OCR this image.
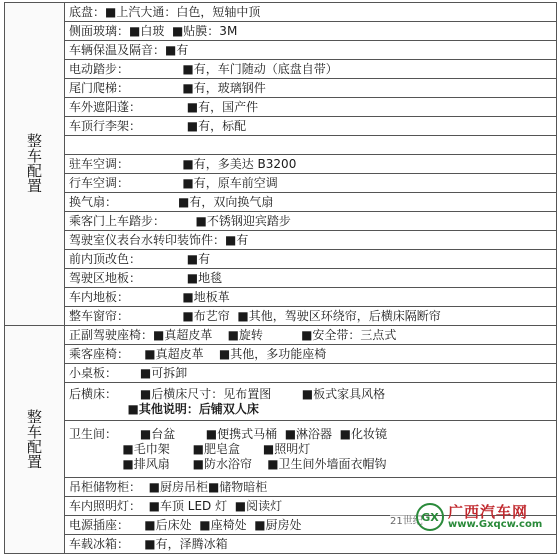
整
车
配
置	底盘：■上汽大通：白色，短轴中顶

	侧面玻璃：■白玻  ■贴膜：3M

	车辆保温及隔音：■有

	电动踏步：              ■有，车门随动（底盘自带）

	尾门爬梯：              ■有，玻璃钢件

	车外遮阳蓬：            ■有，国产件

	车顶行李架：            ■有，标配

	驻车空调：              ■有，多美达 B3200

	行车空调：              ■有，原车前空调

	换气扇：                ■有，双向换气扇

	乘客门上车踏步：        ■不锈钢迎宾踏步

	驾驶室仪表台水转印装饰件：■有

	前内顶改色：            ■有

	驾驶区地板：            ■地毯

	车内地板：              ■地板革

	整车窗帘：              ■布艺帘  ■其他，驾驶区环绕帘，后横床隔断帘

整
车
配
置	正副驾驶座椅：■真超皮革    ■旋转          ■安全带：三点式

	乘客座椅：    ■真超皮革    ■其他，多功能座椅

	小桌板：      ■可拆卸

	后横床：      ■后横床尺寸：见布置图        ■板式家具风格
■其他说明：后铺双人床

	卫生间：      ■台盆        ■便携式马桶  ■淋浴器  ■化妆镜
■毛巾架      ■肥皂盒      ■照明灯
■排风扇      ■防水浴帘    ■卫生间外墙面衣帽钩

	吊柜储物柜：  ■厨房吊柜■储物暗柜

	车内照明灯：  ■车顶 LED 灯  ■阅读灯

	电源插座：    ■后床处  ■座椅处  ■厨房处

	车载冰箱：    ■有，泽腾冰箱
21世纪
GX 广西汽车网
www.Gxqcw.com
